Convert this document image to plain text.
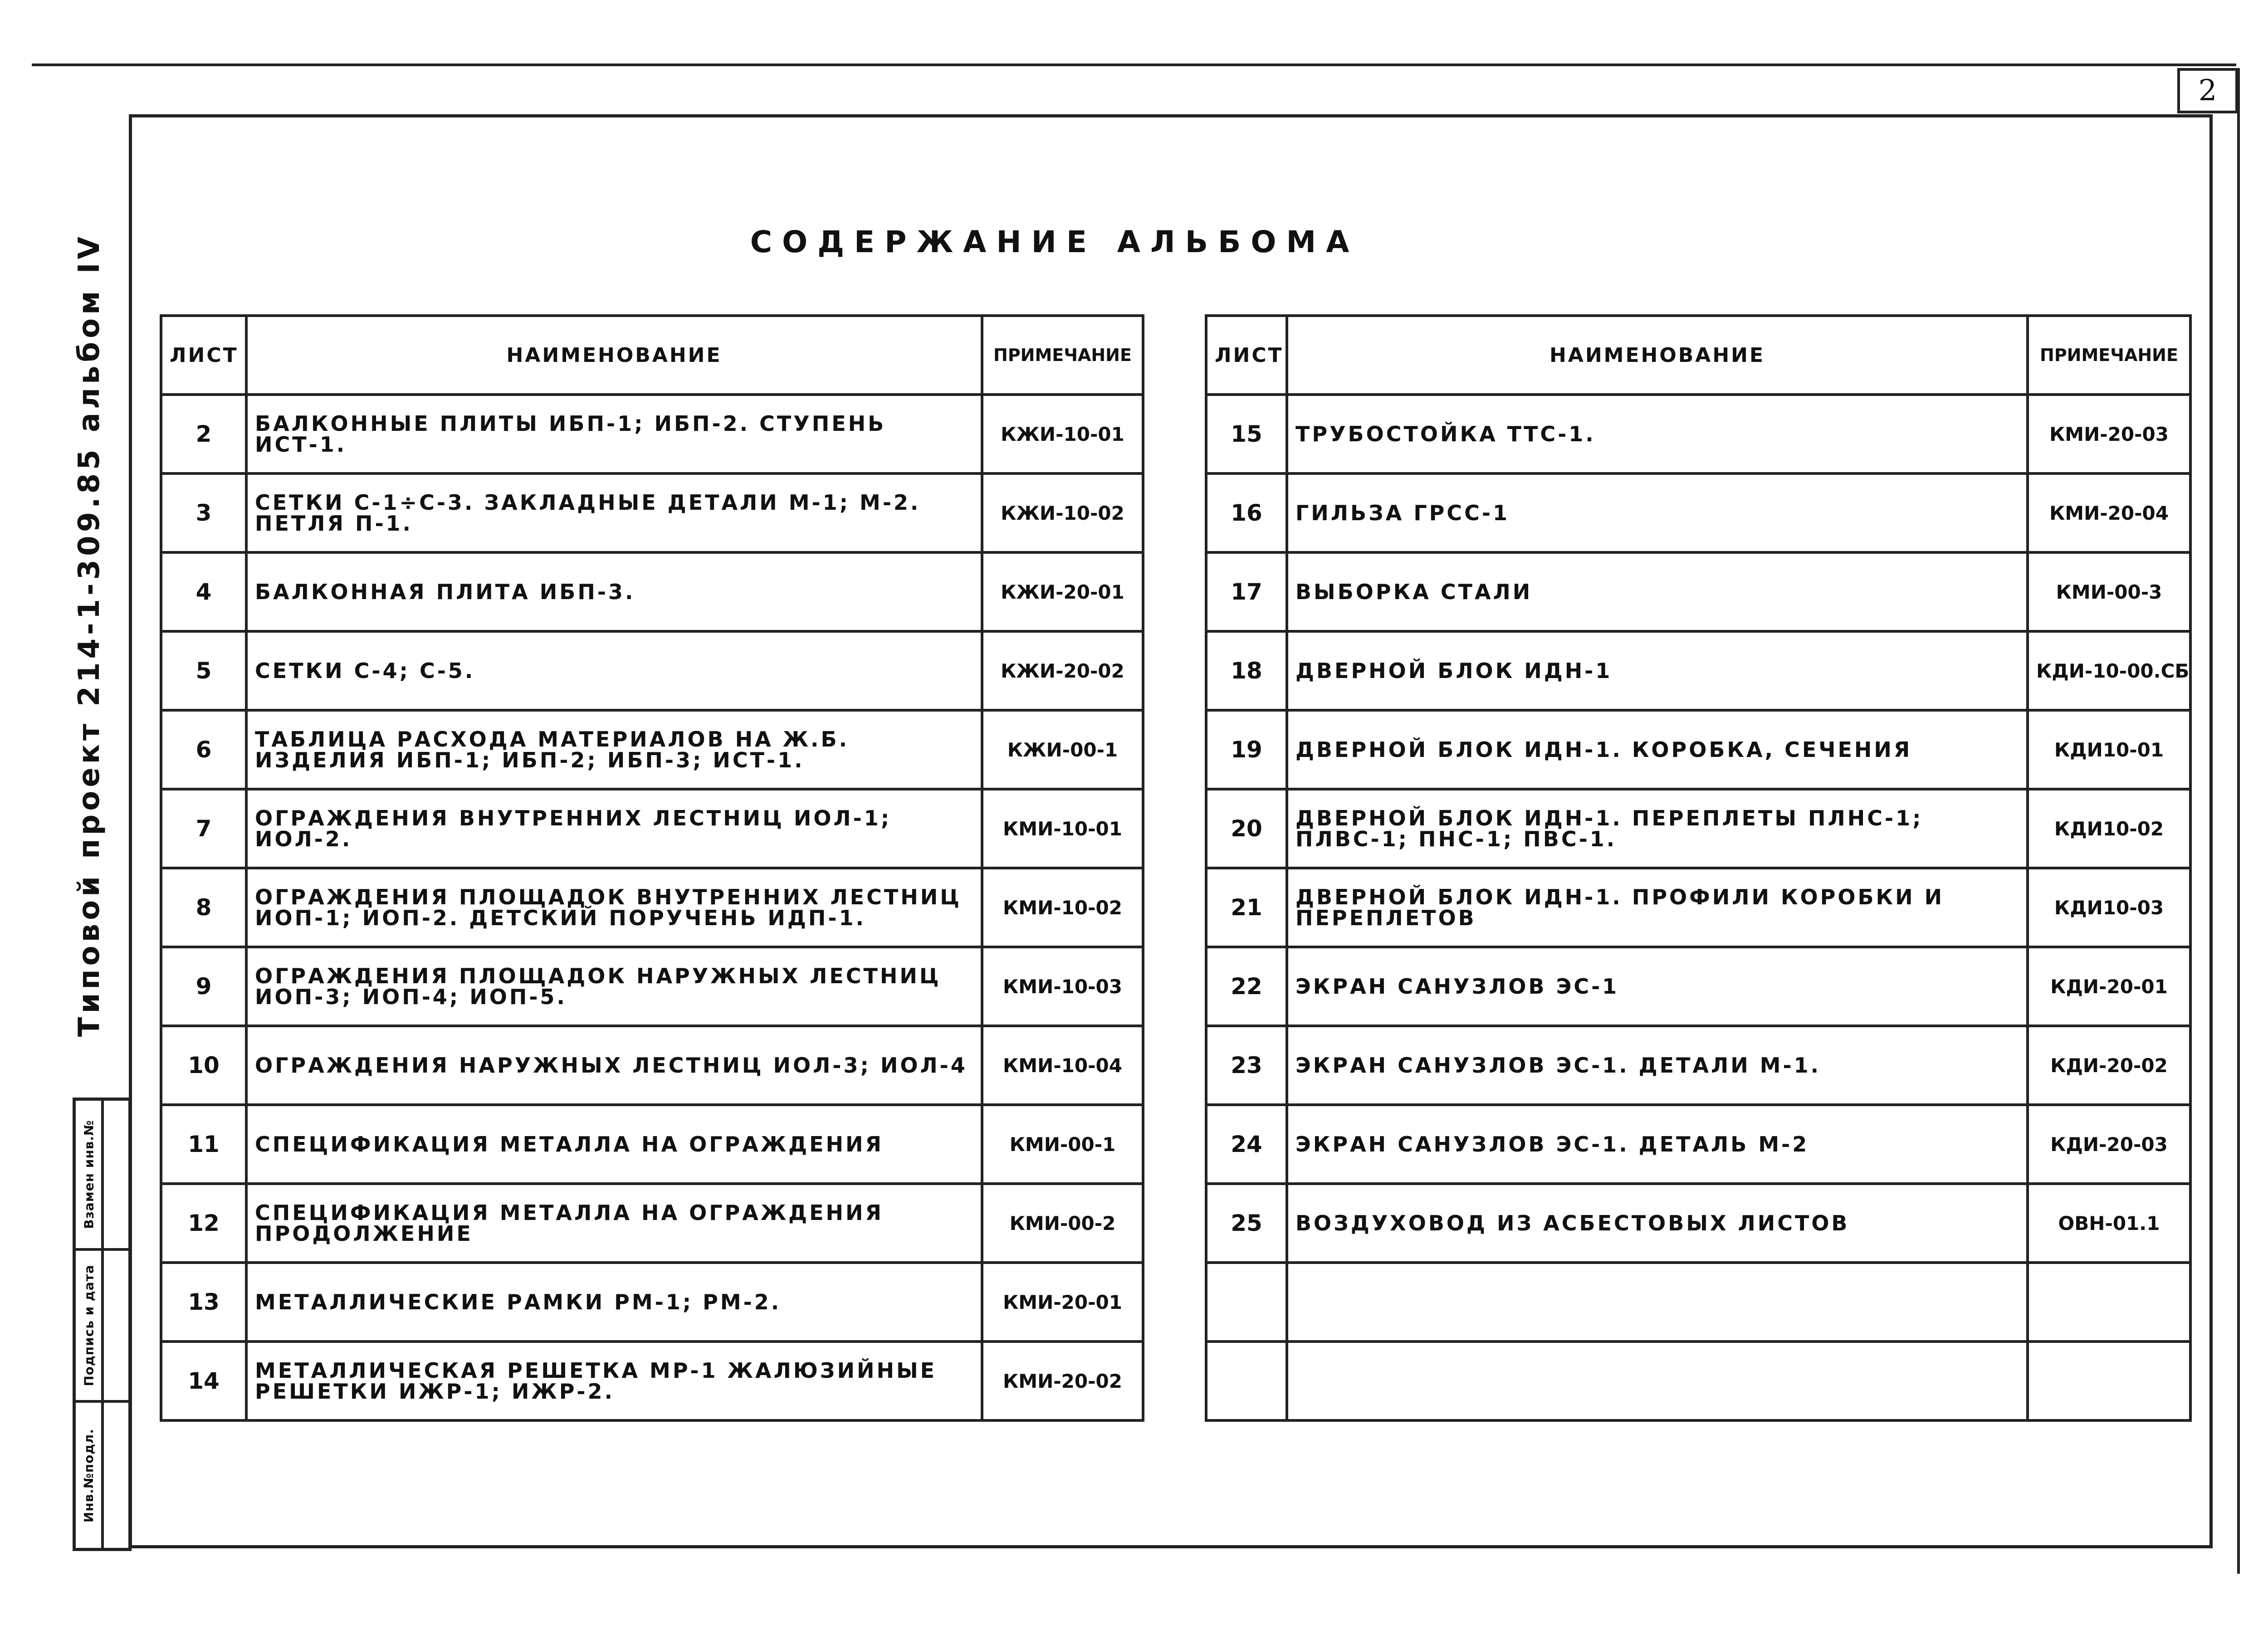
2
СОДЕРЖАНИЕ АЛЬБОМА
Типовой проект 214-1-309.85 альбом IV
Взамен инв.№
Подпись и дата
Инв.№подл.
ЛИСТ	НАИМЕНОВАНИЕ	ПРИМЕЧАНИЕ
2	БАЛКОННЫЕ ПЛИТЫ ИБП-1; ИБП-2. СТУПЕНЬ ИСТ-1.	КЖИ-10-01
3	СЕТКИ С-1÷С-3. ЗАКЛАДНЫЕ ДЕТАЛИ М-1; М-2. ПЕТЛЯ П-1.	КЖИ-10-02
4	БАЛКОННАЯ ПЛИТА ИБП-3.	КЖИ-20-01
5	СЕТКИ С-4; С-5.	КЖИ-20-02
6	ТАБЛИЦА РАСХОДА МАТЕРИАЛОВ НА Ж.Б. ИЗДЕЛИЯ ИБП-1; ИБП-2; ИБП-3; ИСТ-1.	КЖИ-00-1
7	ОГРАЖДЕНИЯ ВНУТРЕННИХ ЛЕСТНИЦ ИОЛ-1; ИОЛ-2.	КМИ-10-01
8	ОГРАЖДЕНИЯ ПЛОЩАДОК ВНУТРЕННИХ ЛЕСТНИЦ ИОП-1; ИОП-2. ДЕТСКИЙ ПОРУЧЕНЬ ИДП-1.	КМИ-10-02
9	ОГРАЖДЕНИЯ ПЛОЩАДОК НАРУЖНЫХ ЛЕСТНИЦ ИОП-3; ИОП-4; ИОП-5.	КМИ-10-03
10	ОГРАЖДЕНИЯ НАРУЖНЫХ ЛЕСТНИЦ ИОЛ-3; ИОЛ-4	КМИ-10-04
11	СПЕЦИФИКАЦИЯ МЕТАЛЛА НА ОГРАЖДЕНИЯ	КМИ-00-1
12	СПЕЦИФИКАЦИЯ МЕТАЛЛА НА ОГРАЖДЕНИЯ ПРОДОЛЖЕНИЕ	КМИ-00-2
13	МЕТАЛЛИЧЕСКИЕ РАМКИ РМ-1; РМ-2.	КМИ-20-01
14	МЕТАЛЛИЧЕСКАЯ РЕШЕТКА МР-1 ЖАЛЮЗИЙНЫЕ РЕШЕТКИ ИЖР-1; ИЖР-2.	КМИ-20-02
ЛИСТ	НАИМЕНОВАНИЕ	ПРИМЕЧАНИЕ
15	ТРУБОСТОЙКА ТТС-1.	КМИ-20-03
16	ГИЛЬЗА ГРСС-1	КМИ-20-04
17	ВЫБОРКА СТАЛИ	КМИ-00-3
18	ДВЕРНОЙ БЛОК ИДН-1	КДИ-10-00.СБ
19	ДВЕРНОЙ БЛОК ИДН-1. КОРОБКА, СЕЧЕНИЯ	КДИ10-01
20	ДВЕРНОЙ БЛОК ИДН-1. ПЕРЕПЛЕТЫ ПЛНС-1; ПЛВС-1; ПНС-1; ПВС-1.	КДИ10-02
21	ДВЕРНОЙ БЛОК ИДН-1. ПРОФИЛИ КОРОБКИ И ПЕРЕПЛЕТОВ	КДИ10-03
22	ЭКРАН САНУЗЛОВ ЭС-1	КДИ-20-01
23	ЭКРАН САНУЗЛОВ ЭС-1. ДЕТАЛИ М-1.	КДИ-20-02
24	ЭКРАН САНУЗЛОВ ЭС-1. ДЕТАЛЬ М-2	КДИ-20-03
25	ВОЗДУХОВОД ИЗ АСБЕСТОВЫХ ЛИСТОВ	ОВН-01.1
